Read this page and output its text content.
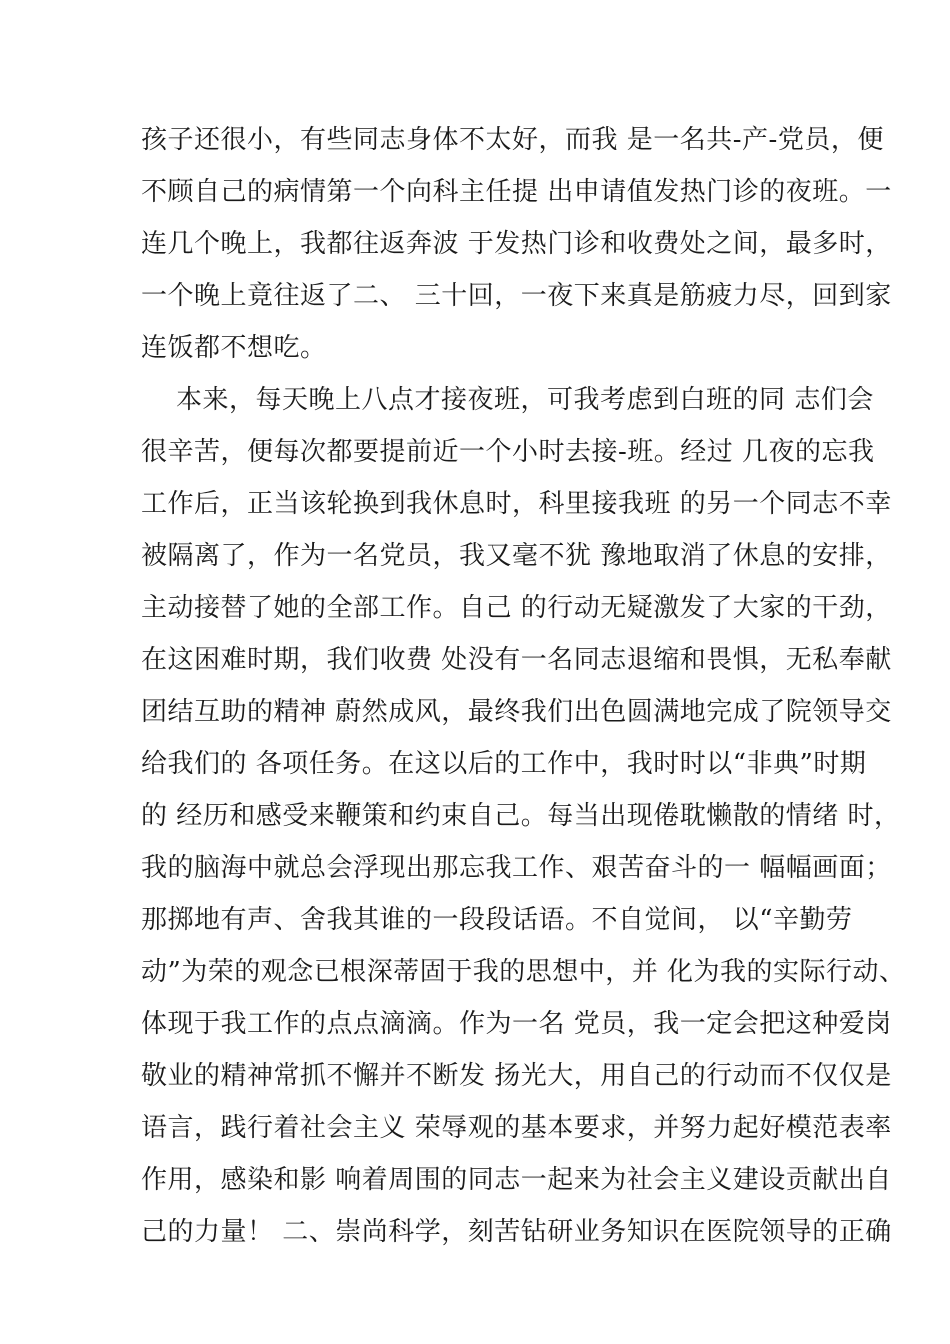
孩子还很小，有些同志身体不太好，而我 是一名共-产-党员，便
不顾自己的病情第一个向科主任提 出申请值发热门诊的夜班。一
连几个晚上，我都往返奔波 于发热门诊和收费处之间，最多时，
一个晚上竟往返了二、 三十回，一夜下来真是筋疲力尽，回到家
连饭都不想吃。
本来，每天晚上八点才接夜班，可我考虑到白班的同 志们会
很辛苦，便每次都要提前近一个小时去接-班。经过 几夜的忘我
工作后，正当该轮换到我休息时，科里接我班 的另一个同志不幸
被隔离了，作为一名党员，我又毫不犹 豫地取消了休息的安排，
主动接替了她的全部工作。自己 的行动无疑激发了大家的干劲，
在这困难时期，我们收费 处没有一名同志退缩和畏惧，无私奉献
团结互助的精神 蔚然成风，最终我们出色圆满地完成了院领导交
给我们的 各项任务。在这以后的工作中，我时时以“非典”时期
的 经历和感受来鞭策和约束自己。每当出现倦耽懒散的情绪 时，
我的脑海中就总会浮现出那忘我工作、艰苦奋斗的一 幅幅画面；
那掷地有声、舍我其谁的一段段话语。不自觉间， 以“辛勤劳
动”为荣的观念已根深蒂固于我的思想中，并 化为我的实际行动、
体现于我工作的点点滴滴。作为一名 党员，我一定会把这种爱岗
敬业的精神常抓不懈并不断发 扬光大，用自己的行动而不仅仅是
语言，践行着社会主义 荣辱观的基本要求，并努力起好模范表率
作用，感染和影 响着周围的同志一起来为社会主义建设贡献出自
己的力量！ 二、崇尚科学，刻苦钻研业务知识在医院领导的正确
